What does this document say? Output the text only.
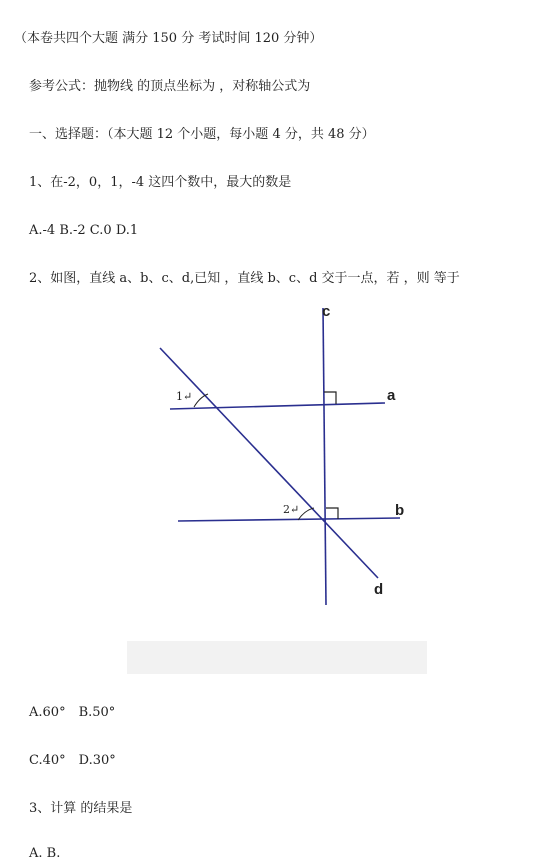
（本卷共四个大题 满分 150 分 考试时间 120 分钟）
参考公式：抛物线 的顶点坐标为 ，对称轴公式为
一、选择题：（本大题 12 个小题，每小题 4 分，共 48 分）
1、在-2，0，1，-4 这四个数中，最大的数是
A.-4 B.-2 C.0 D.1
2、如图，直线 a、b、c、d,已知 ，直线 b、c、d 交于一点，若 ，则 等于
c
a
b
d
1↵
2↵
A.60°　B.50°
C.40°　D.30°
3、计算 的结果是
A. B.
